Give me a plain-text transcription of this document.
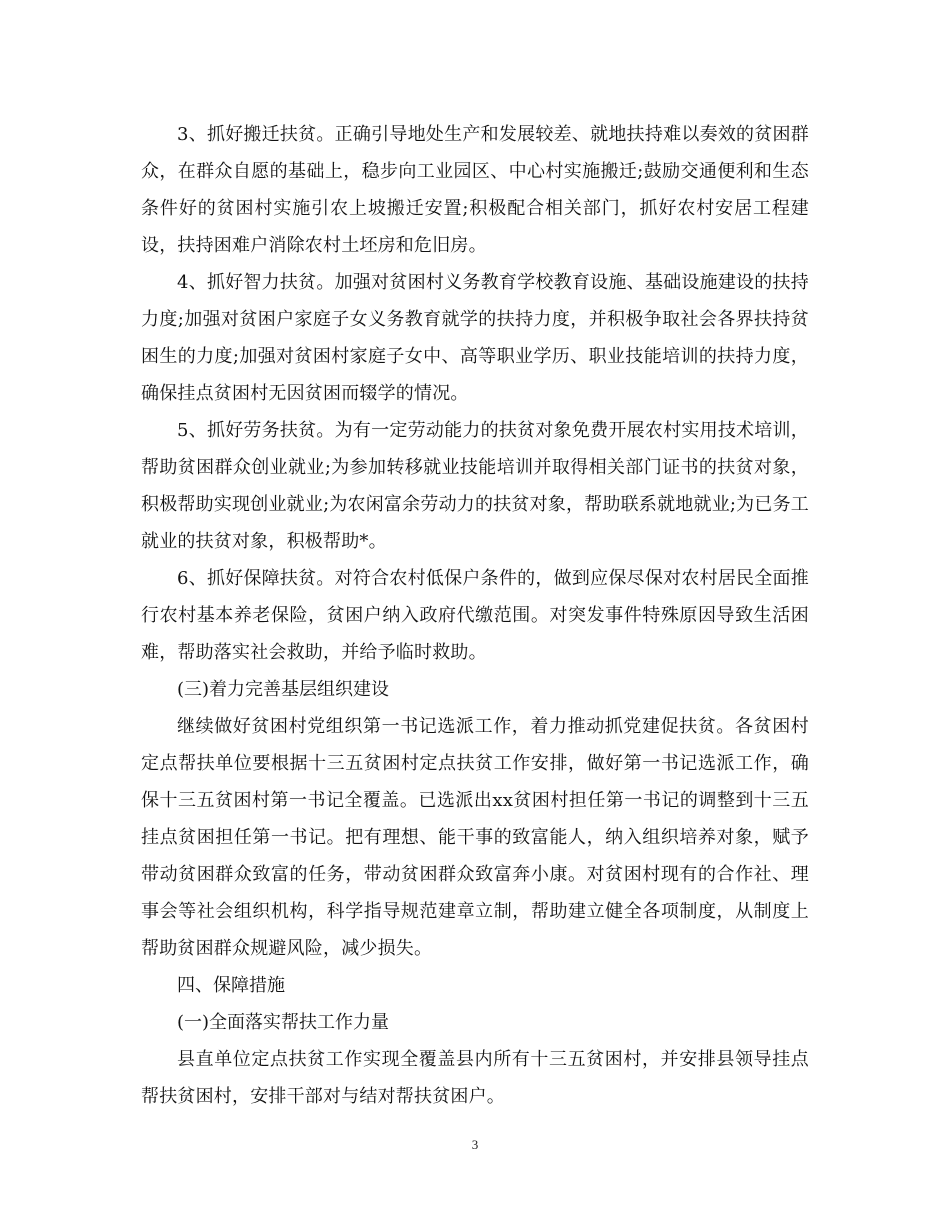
3、抓好搬迁扶贫。正确引导地处生产和发展较差、就地扶持难以奏效的贫困群众，在群众自愿的基础上，稳步向工业园区、中心村实施搬迁;鼓励交通便利和生态条件好的贫困村实施引农上坡搬迁安置;积极配合相关部门，抓好农村安居工程建设，扶持困难户消除农村土坯房和危旧房。

4、抓好智力扶贫。加强对贫困村义务教育学校教育设施、基础设施建设的扶持力度;加强对贫困户家庭子女义务教育就学的扶持力度，并积极争取社会各界扶持贫困生的力度;加强对贫困村家庭子女中、高等职业学历、职业技能培训的扶持力度，确保挂点贫困村无因贫困而辍学的情况。

5、抓好劳务扶贫。为有一定劳动能力的扶贫对象免费开展农村实用技术培训，帮助贫困群众创业就业;为参加转移就业技能培训并取得相关部门证书的扶贫对象，积极帮助实现创业就业;为农闲富余劳动力的扶贫对象，帮助联系就地就业;为已务工就业的扶贫对象，积极帮助*。

6、抓好保障扶贫。对符合农村低保户条件的，做到应保尽保对农村居民全面推行农村基本养老保险，贫困户纳入政府代缴范围。对突发事件特殊原因导致生活困难，帮助落实社会救助，并给予临时救助。

(三)着力完善基层组织建设

继续做好贫困村党组织第一书记选派工作，着力推动抓党建促扶贫。各贫困村定点帮扶单位要根据十三五贫困村定点扶贫工作安排，做好第一书记选派工作，确保十三五贫困村第一书记全覆盖。已选派出xx贫困村担任第一书记的调整到十三五挂点贫困担任第一书记。把有理想、能干事的致富能人，纳入组织培养对象，赋予带动贫困群众致富的任务，带动贫困群众致富奔小康。对贫困村现有的合作社、理事会等社会组织机构，科学指导规范建章立制，帮助建立健全各项制度，从制度上帮助贫困群众规避风险，减少损失。

四、保障措施

(一)全面落实帮扶工作力量

县直单位定点扶贫工作实现全覆盖县内所有十三五贫困村，并安排县领导挂点帮扶贫困村，安排干部对与结对帮扶贫困户。

3
